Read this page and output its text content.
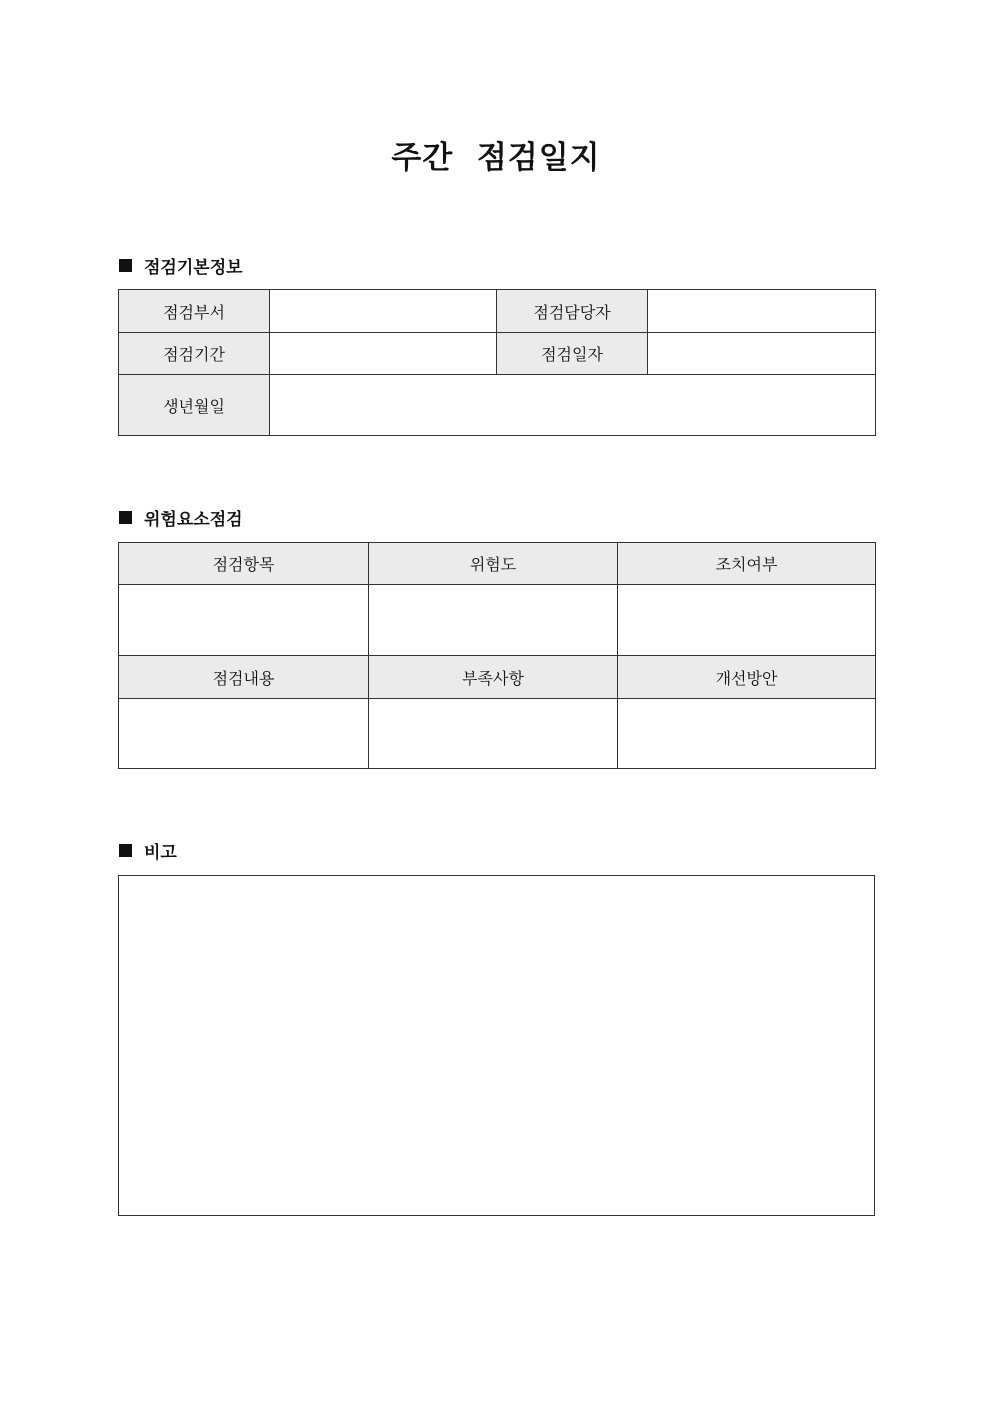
주간  점검일지
점검기본정보
점검부서		점검담당자	
점검기간		점검일자	
생년월일			
위험요소점검
점검항목	위험도	조치여부

점검내용	부족사항	개선방안

비고
